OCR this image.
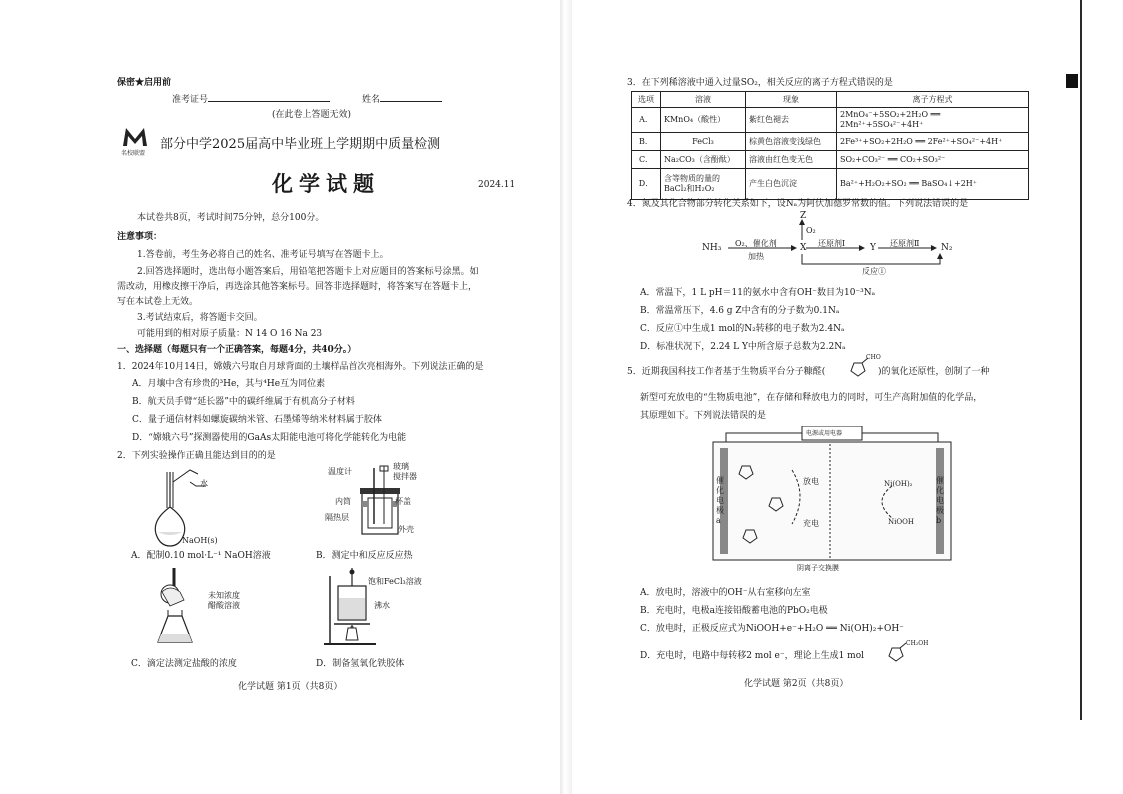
保密★启用前
准考证号	姓名
(在此卷上答题无效)
名校联盟
部分中学2025届高中毕业班上学期期中质量检测
化学试题	2024.11
本试卷共8页，考试时间75分钟，总分100分。
注意事项：
1.答卷前，考生务必将自己的姓名、准考证号填写在答题卡上。
2.回答选择题时，选出每小题答案后，用铅笔把答题卡上对应题目的答案标号涂黑。如
需改动，用橡皮擦干净后，再选涂其他答案标号。回答非选择题时，将答案写在答题卡上，
写在本试卷上无效。
3.考试结束后，将答题卡交回。
可能用到的相对原子质量：N 14 O 16 Na 23
一、选择题（每题只有一个正确答案，每题4分，共40分。）
1．2024年10月14日，嫦娥六号取自月球背面的土壤样品首次亮相海外。下列说法正确的是
A．月壤中含有珍贵的³He，其与⁴He互为同位素
B．航天员手臂“延长器”中的碳纤维属于有机高分子材料
C．量子通信材料如螺旋碳纳米管、石墨烯等纳米材料属于胶体
D．“嫦娥六号”探测器使用的GaAs太阳能电池可将化学能转化为电能
2．下列实验操作正确且能达到目的的是
水
NaOH(s)
温度计
玻璃 搅拌器
内筒	杯盖
隔热层
外壳
A．配制0.10 mol·L⁻¹ NaOH溶液	B．测定中和反应反应热
未知浓度
醋酸溶液
饱和FeCl₃溶液
沸水
C．滴定法测定盐酸的浓度	D．制备氢氧化铁胶体
化学试题 第1页（共8页）
3．在下列稀溶液中通入过量SO₂，相关反应的离子方程式错误的是
选项	溶液	现象	离子方程式
A．	KMnO₄（酸性）	紫红色褪去	2MnO₄⁻+5SO₂+2H₂O ══ 2Mn²⁺+5SO₄²⁻+4H⁺
B．	FeCl₃	棕黄色溶液变浅绿色	2Fe³⁺+SO₂+2H₂O ══ 2Fe²⁺+SO₄²⁻+4H⁺
C．	Na₂CO₃（含酚酞）	溶液由红色变无色	SO₂+CO₃²⁻ ══ CO₂+SO₃²⁻
D．	含等物质的量的BaCl₂和H₂O₂	产生白色沉淀	Ba²⁺+H₂O₂+SO₂ ══ BaSO₄↓+2H⁺
4．氮及其化合物部分转化关系如下，设Nₐ为阿伏加德罗常数的值。下列说法错误的是
NH₃	X	Y
Z
N₂
O₂
O₂、催化剂
加热
还原剂Ⅰ	还原剂Ⅱ
反应①
A．常温下，1 L pH＝11的氨水中含有OH⁻数目为10⁻³Nₐ
B．常温常压下，4.6 g Z中含有的分子数为0.1Nₐ
C．反应①中生成1 mol的N₂转移的电子数为2.4Nₐ
D．标准状况下，2.24 L Y中所含原子总数为2.2Nₐ
5．近期我国科技工作者基于生物质平台分子糠醛(
CHO
)的氧化还原性，创制了一种
新型可充放电的“生物质电池”，在存储和释放电力的同时，可生产高附加值的化学品，
其原理如下。下列说法错误的是
电源或用电器
催化电极a
催化电极b
放电
充电
Ni(OH)₂
NiOOH
阴离子交换膜
A．放电时，溶液中的OH⁻从右室移向左室
B．充电时，电极a连接铅酸蓄电池的PbO₂电极
C．放电时，正极反应式为NiOOH+e⁻+H₂O ══ Ni(OH)₂+OH⁻
D．充电时，电路中每转移2 mol e⁻，理论上生成1 mol
CH₂OH
化学试题 第2页（共8页）
